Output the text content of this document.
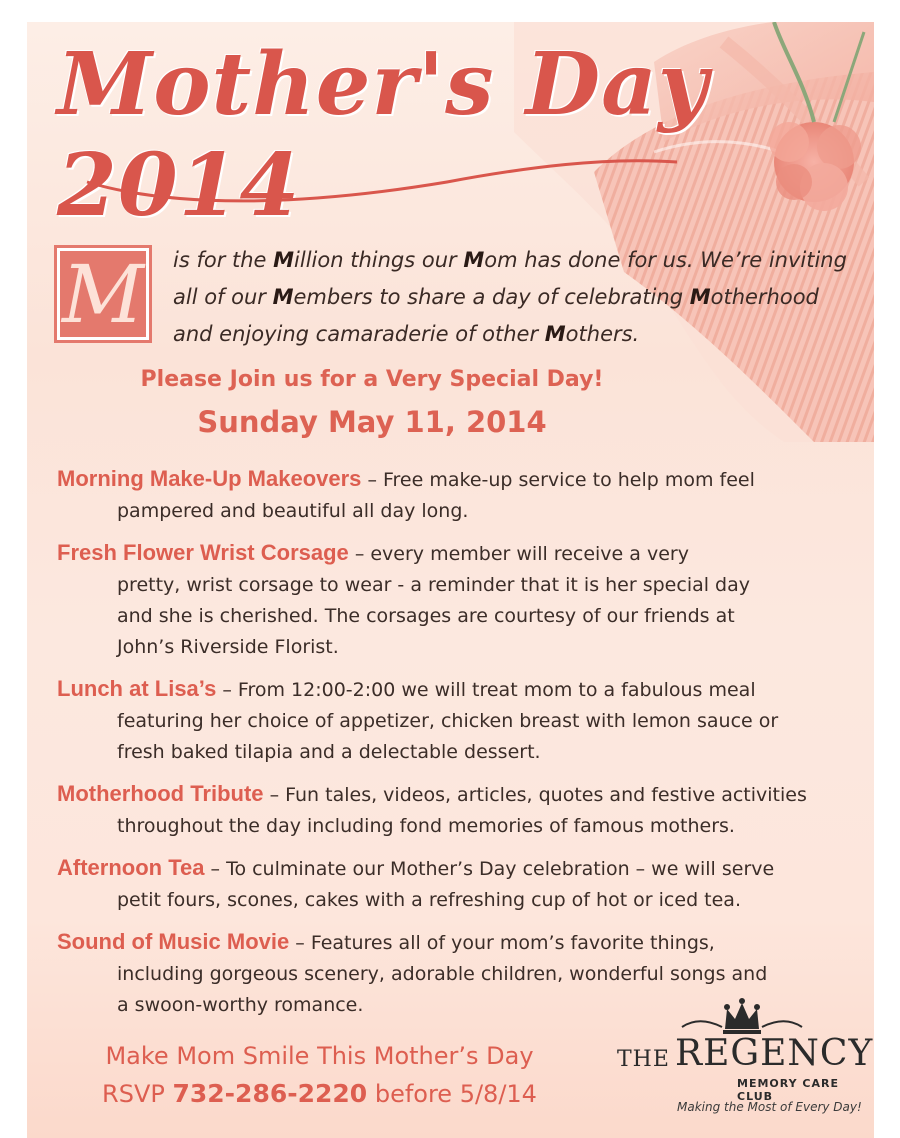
Mother's Day 2014
M is for the Million things our Mom has done for us. We’re inviting all of our Members to share a day of celebrating Motherhood and enjoying camaraderie of other Mothers.
Please Join us for a Very Special Day!
Sunday May 11, 2014
Morning Make-Up Makeovers – Free make-up service to help mom feel
pampered and beautiful all day long.
Fresh Flower Wrist Corsage – every member will receive a very
pretty, wrist corsage to wear - a reminder that it is her special day
and she is cherished. The corsages are courtesy of our friends at
John’s Riverside Florist.
Lunch at Lisa’s – From 12:00-2:00 we will treat mom to a fabulous meal
featuring her choice of appetizer, chicken breast with lemon sauce or
fresh baked tilapia and a delectable dessert.
Motherhood Tribute – Fun tales, videos, articles, quotes and festive activities
throughout the day including fond memories of famous mothers.
Afternoon Tea – To culminate our Mother’s Day celebration – we will serve
petit fours, scones, cakes with a refreshing cup of hot or iced tea.
Sound of Music Movie – Features all of your mom’s favorite things,
including gorgeous scenery, adorable children, wonderful songs and
a swoon-worthy romance.
Make Mom Smile This Mother’s Day
RSVP 732-286-2220 before 5/8/14
THE REGENCY
MEMORY CARE CLUB
Making the Most of Every Day!
